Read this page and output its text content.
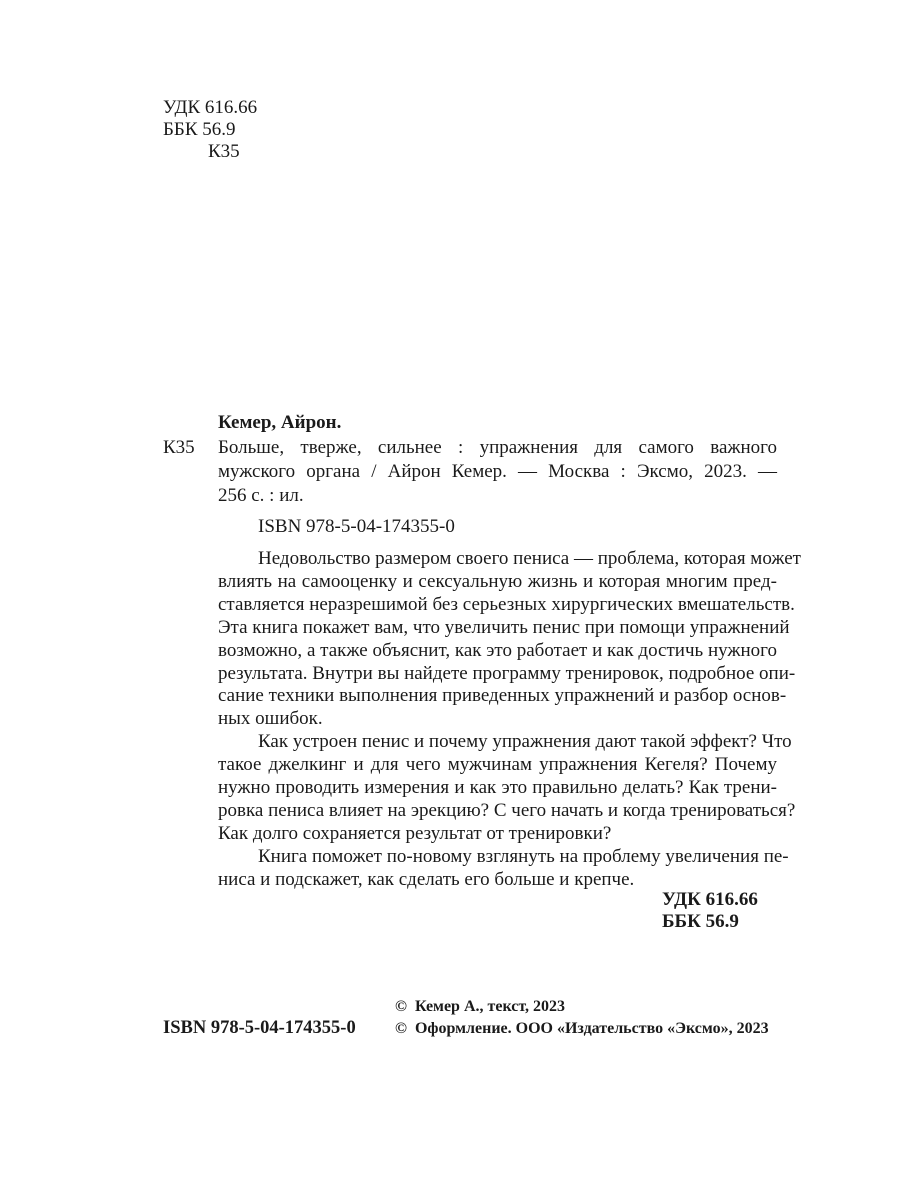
УДК 616.66
ББК 56.9
К35
Кемер, Айрон.
К35 Больше, тверже, сильнее : упражнения для самого важного
мужского органа / Айрон Кемер. — Москва : Эксмо, 2023. —
256 с. : ил.
ISBN 978-5-04-174355-0
Недовольство размером своего пениса — проблема, которая может
влиять на самооценку и сексуальную жизнь и которая многим пред-
ставляется неразрешимой без серьезных хирургических вмешательств.
Эта книга покажет вам, что увеличить пенис при помощи упражнений
возможно, а также объяснит, как это работает и как достичь нужного
результата. Внутри вы найдете программу тренировок, подробное опи-
сание техники выполнения приведенных упражнений и разбор основ-
ных ошибок.
Как устроен пенис и почему упражнения дают такой эффект? Что
такое джелкинг и для чего мужчинам упражнения Кегеля? Почему
нужно проводить измерения и как это правильно делать? Как трени-
ровка пениса влияет на эрекцию? С чего начать и когда тренироваться?
Как долго сохраняется результат от тренировки?
Книга поможет по-новому взглянуть на проблему увеличения пе-
ниса и подскажет, как сделать его больше и крепче.
УДК 616.66
ББК 56.9
ISBN 978-5-04-174355-0
© Кемер А., текст, 2023
© Оформление. ООО «Издательство «Эксмо», 2023
